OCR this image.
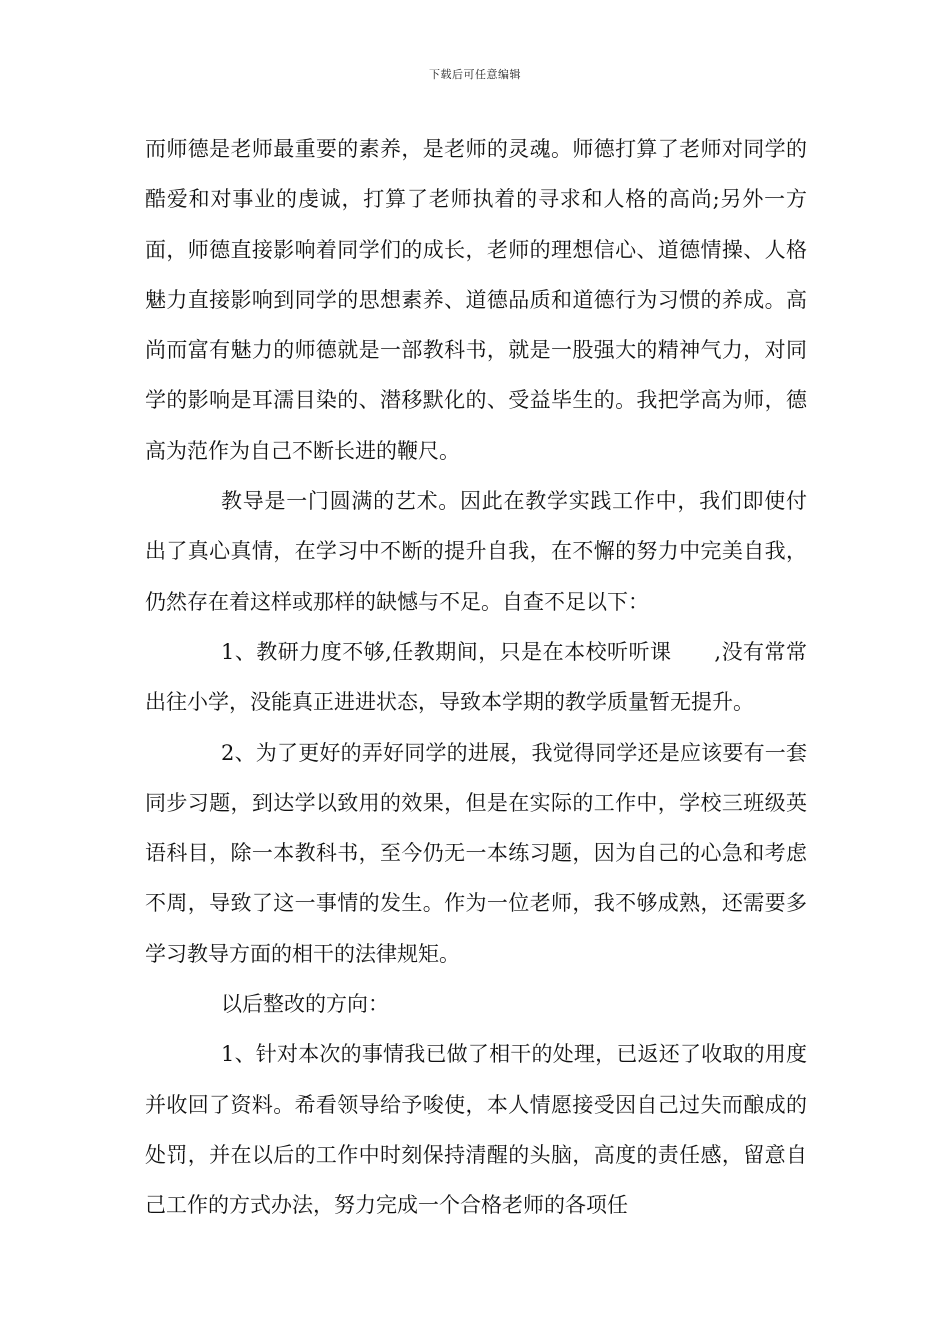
下载后可任意编辑

而师德是老师最重要的素养，是老师的灵魂。师德打算了老师对同学的酷爱和对事业的虔诚，打算了老师执着的寻求和人格的高尚;另外一方面，师德直接影响着同学们的成长，老师的理想信心、道德情操、人格魅力直接影响到同学的思想素养、道德品质和道德行为习惯的养成。高尚而富有魅力的师德就是一部教科书，就是一股强大的精神气力，对同学的影响是耳濡目染的、潜移默化的、受益毕生的。我把学高为师，德高为范作为自己不断长进的鞭尺。

教导是一门圆满的艺术。因此在教学实践工作中，我们即使付出了真心真情，在学习中不断的提升自我，在不懈的努力中完美自我，仍然存在着这样或那样的缺憾与不足。自查不足以下：

1、教研力度不够,任教期间，只是在本校听听课　　,没有常常出往小学，没能真正进进状态，导致本学期的教学质量暂无提升。

2、为了更好的弄好同学的进展，我觉得同学还是应该要有一套同步习题，到达学以致用的效果，但是在实际的工作中，学校三班级英语科目，除一本教科书，至今仍无一本练习题，因为自己的心急和考虑不周，导致了这一事情的发生。作为一位老师，我不够成熟，还需要多学习教导方面的相干的法律规矩。

以后整改的方向：

1、针对本次的事情我已做了相干的处理，已返还了收取的用度并收回了资料。希看领导给予唆使，本人情愿接受因自己过失而酿成的处罚，并在以后的工作中时刻保持清醒的头脑，高度的责任感，留意自己工作的方式办法，努力完成一个合格老师的各项任
